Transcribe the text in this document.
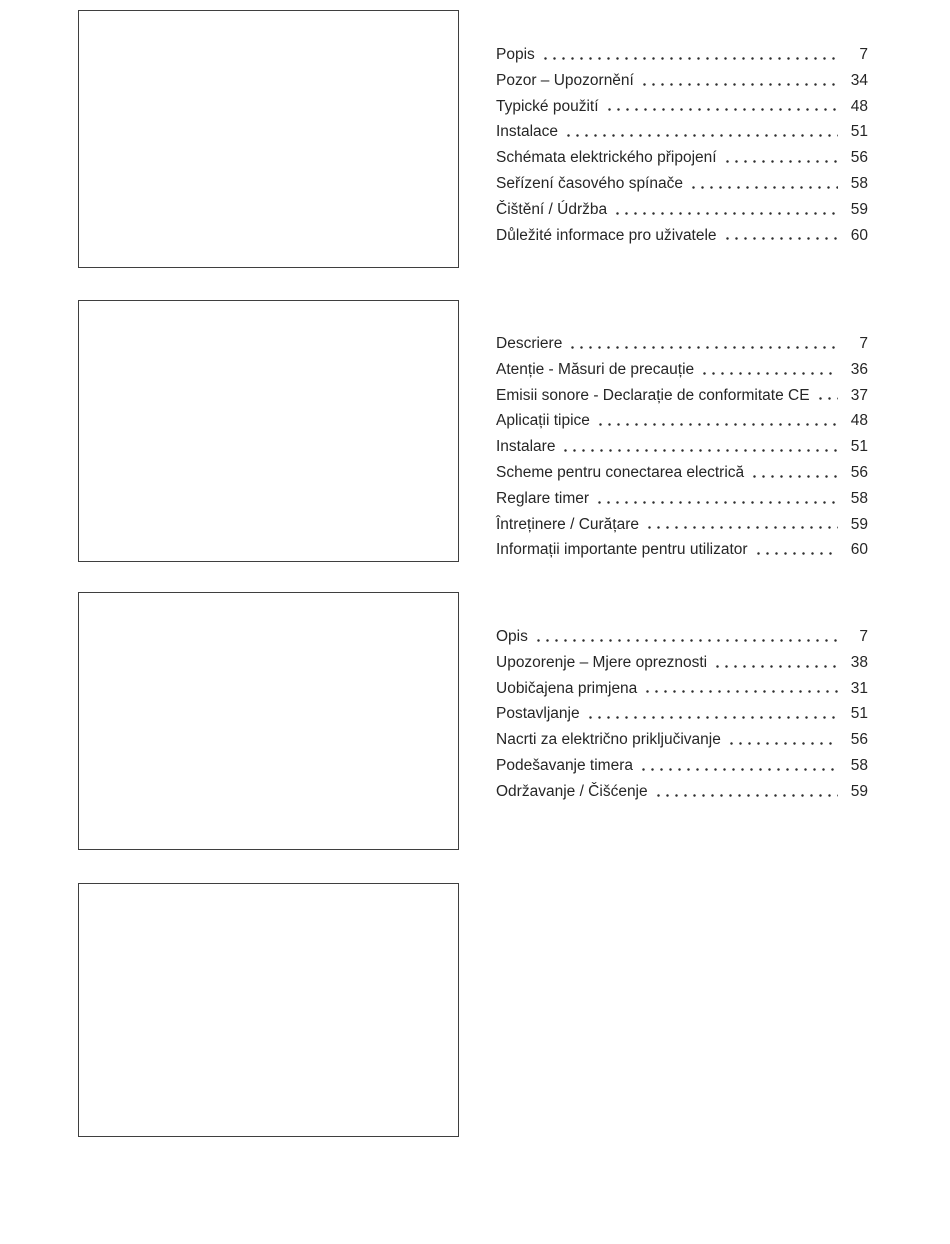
Popis	7
Pozor – Upozornění	34
Typické použití	48
Instalace	51
Schémata elektrického připojení	56
Seřízení časového spínače	58
Čištění / Údržba	59
Důležité informace pro uživatele	60
Descriere	7
Atenție - Măsuri de precauție	36
Emisii sonore - Declarație de conformitate CE	37
Aplicații tipice	48
Instalare	51
Scheme pentru conectarea electrică	56
Reglare timer	58
Întreținere / Curățare	59
Informații importante pentru utilizator	60
Opis	7
Upozorenje – Mjere opreznosti	38
Uobičajena primjena	31
Postavljanje	51
Nacrti za električno priključivanje	56
Podešavanje timera	58
Održavanje / Čišćenje	59
